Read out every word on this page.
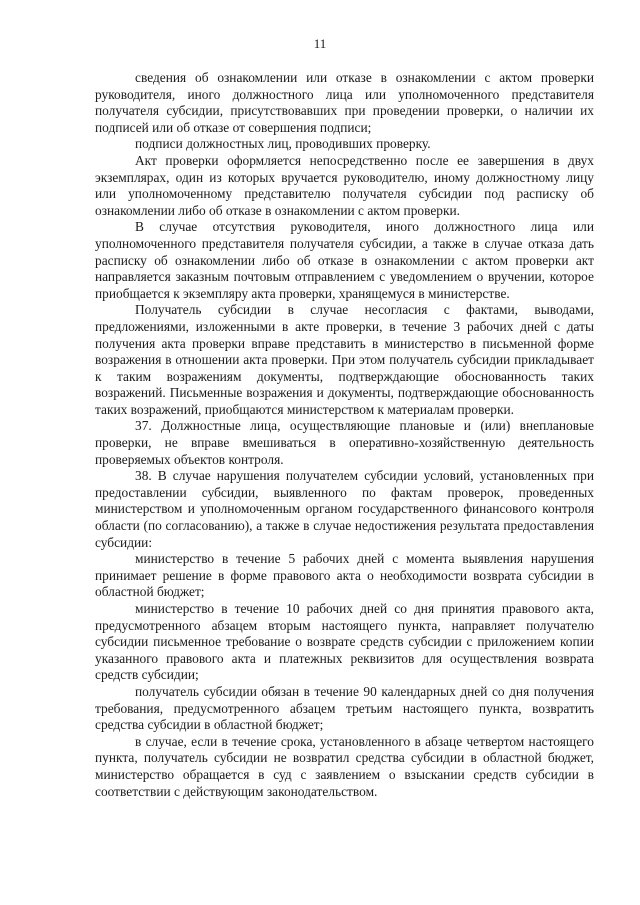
11

сведения об ознакомлении или отказе в ознакомлении с актом проверки руководителя, иного должностного лица или уполномоченного представителя получателя субсидии, присутствовавших при проведении проверки, о наличии их подписей или об отказе от совершения подписи;

подписи должностных лиц, проводивших проверку.

Акт проверки оформляется непосредственно после ее завершения в двух экземплярах, один из которых вручается руководителю, иному должностному лицу или уполномоченному представителю получателя субсидии под расписку об ознакомлении либо об отказе в ознакомлении с актом проверки.

В случае отсутствия руководителя, иного должностного лица или уполномоченного представителя получателя субсидии, а также в случае отказа дать расписку об ознакомлении либо об отказе в ознакомлении с актом проверки акт направляется заказным почтовым отправлением с уведомлением о вручении, которое приобщается к экземпляру акта проверки, хранящемуся в министерстве.

Получатель субсидии в случае несогласия с фактами, выводами, предложениями, изложенными в акте проверки, в течение 3 рабочих дней с даты получения акта проверки вправе представить в министерство в письменной форме возражения в отношении акта проверки. При этом получатель субсидии прикладывает к таким возражениям документы, подтверждающие обоснованность таких возражений. Письменные возражения и документы, подтверждающие обоснованность таких возражений, приобщаются министерством к материалам проверки.

37. Должностные лица, осуществляющие плановые и (или) внеплановые проверки, не вправе вмешиваться в оперативно-хозяйственную деятельность проверяемых объектов контроля.

38. В случае нарушения получателем субсидии условий, установленных при предоставлении субсидии, выявленного по фактам проверок, проведенных министерством и уполномоченным органом государственного финансового контроля области (по согласованию), а также в случае недостижения результата предоставления субсидии:

министерство в течение 5 рабочих дней с момента выявления нарушения принимает решение в форме правового акта о необходимости возврата субсидии в областной бюджет;

министерство в течение 10 рабочих дней со дня принятия правового акта, предусмотренного абзацем вторым настоящего пункта, направляет получателю субсидии письменное требование о возврате средств субсидии с приложением копии указанного правового акта и платежных реквизитов для осуществления возврата средств субсидии;

получатель субсидии обязан в течение 90 календарных дней со дня получения требования, предусмотренного абзацем третьим настоящего пункта, возвратить средства субсидии в областной бюджет;

в случае, если в течение срока, установленного в абзаце четвертом настоящего пункта, получатель субсидии не возвратил средства субсидии в областной бюджет, министерство обращается в суд с заявлением о взыскании средств субсидии в соответствии с действующим законодательством.
